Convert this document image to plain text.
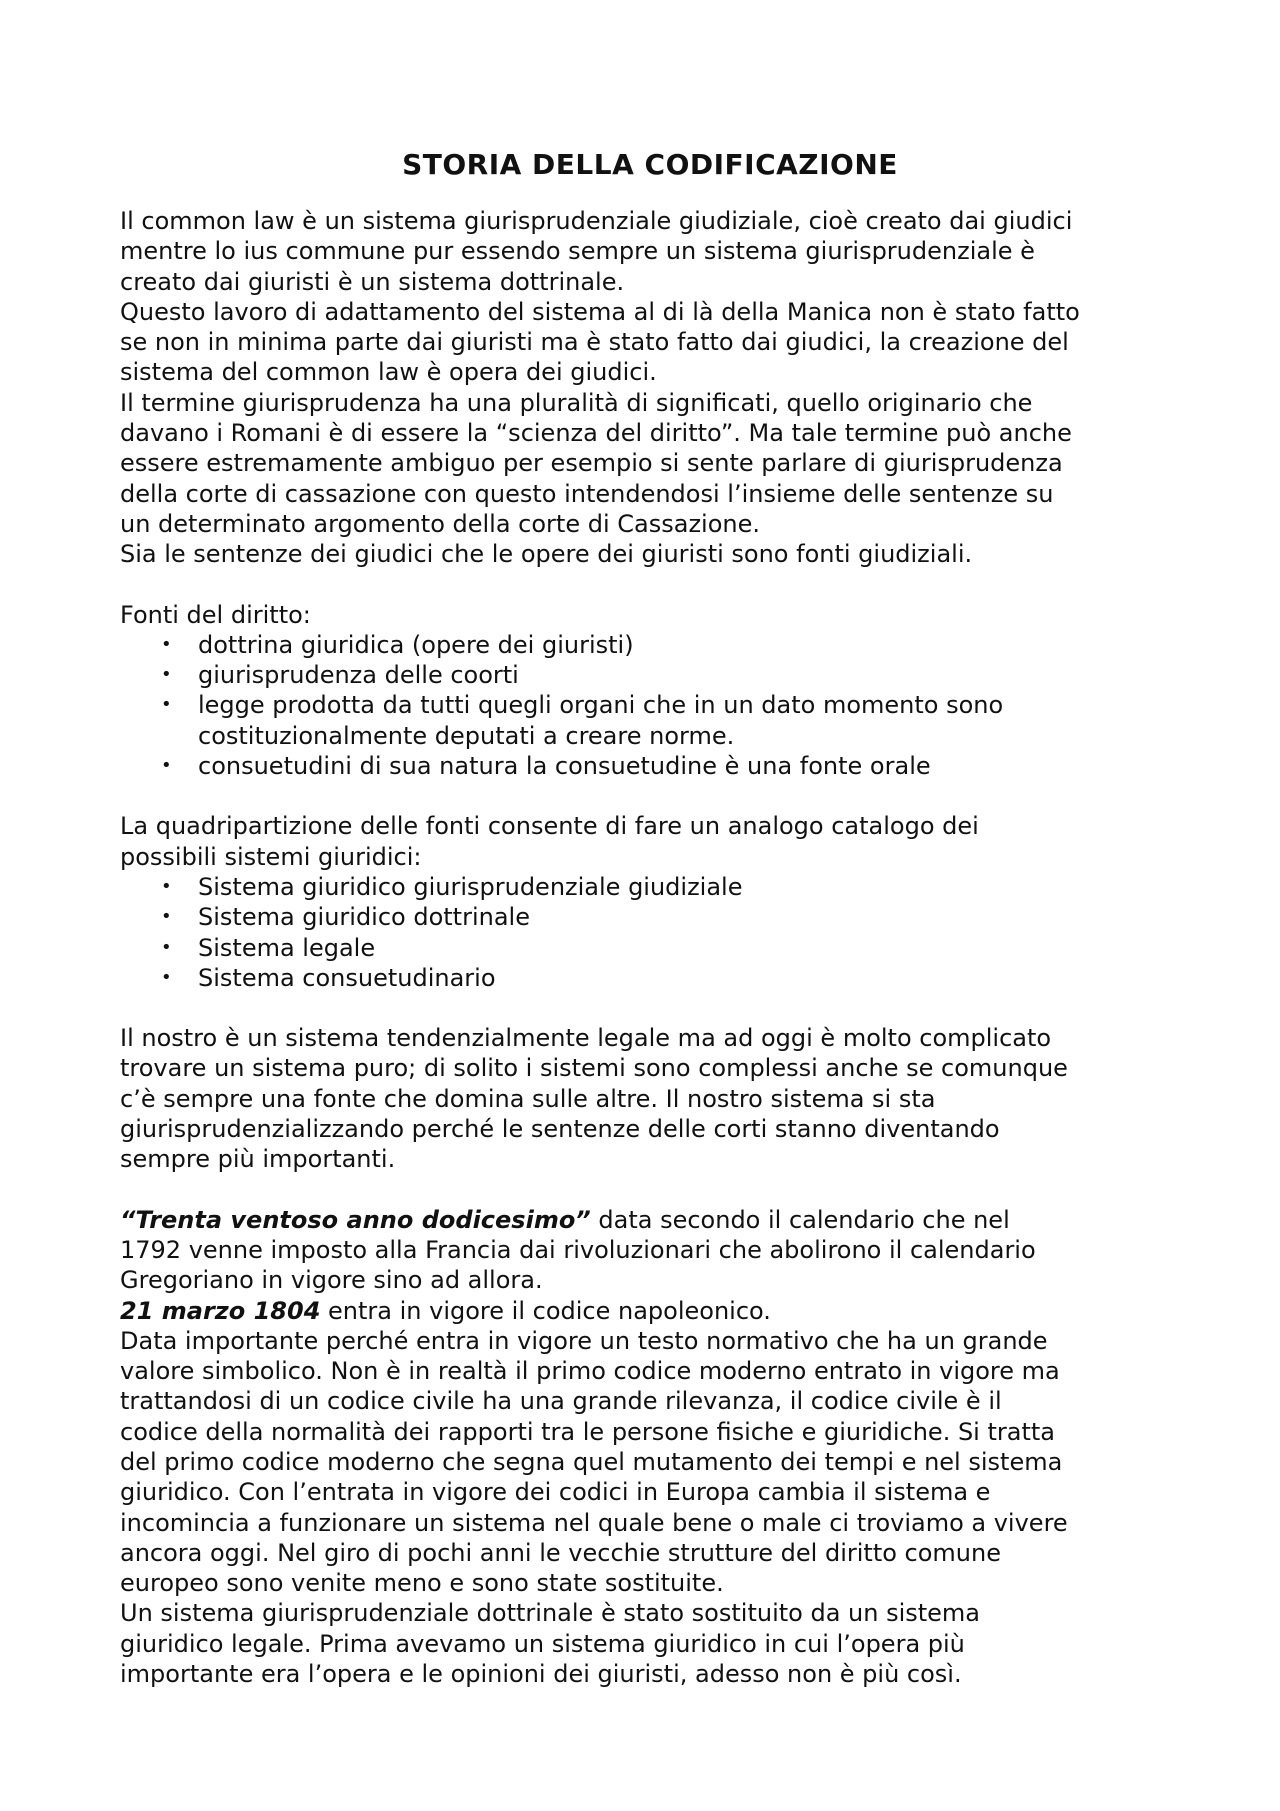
STORIA DELLA CODIFICAZIONE

Il common law è un sistema giurisprudenziale giudiziale, cioè creato dai giudici
mentre lo ius commune pur essendo sempre un sistema giurisprudenziale è
creato dai giuristi è un sistema dottrinale.

Questo lavoro di adattamento del sistema al di là della Manica non è stato fatto
se non in minima parte dai giuristi ma è stato fatto dai giudici, la creazione del
sistema del common law è opera dei giudici.

Il termine giurisprudenza ha una pluralità di significati, quello originario che
davano i Romani è di essere la “scienza del diritto”. Ma tale termine può anche
essere estremamente ambiguo per esempio si sente parlare di giurisprudenza
della corte di cassazione con questo intendendosi l’insieme delle sentenze su
un determinato argomento della corte di Cassazione.

Sia le sentenze dei giudici che le opere dei giuristi sono fonti giudiziali.

Fonti del diritto:

• dottrina giuridica (opere dei giuristi)
• giurisprudenza delle coorti
• legge prodotta da tutti quegli organi che in un dato momento sono
costituzionalmente deputati a creare norme.
• consuetudini di sua natura la consuetudine è una fonte orale

La quadripartizione delle fonti consente di fare un analogo catalogo dei
possibili sistemi giuridici:

• Sistema giuridico giurisprudenziale giudiziale
• Sistema giuridico dottrinale
• Sistema legale
• Sistema consuetudinario

Il nostro è un sistema tendenzialmente legale ma ad oggi è molto complicato
trovare un sistema puro; di solito i sistemi sono complessi anche se comunque
c’è sempre una fonte che domina sulle altre. Il nostro sistema si sta
giurisprudenzializzando perché le sentenze delle corti stanno diventando
sempre più importanti.

“Trenta ventoso anno dodicesimo” data secondo il calendario che nel
1792 venne imposto alla Francia dai rivoluzionari che abolirono il calendario
Gregoriano in vigore sino ad allora.

21 marzo 1804 entra in vigore il codice napoleonico.

Data importante perché entra in vigore un testo normativo che ha un grande
valore simbolico. Non è in realtà il primo codice moderno entrato in vigore ma
trattandosi di un codice civile ha una grande rilevanza, il codice civile è il
codice della normalità dei rapporti tra le persone fisiche e giuridiche. Si tratta
del primo codice moderno che segna quel mutamento dei tempi e nel sistema
giuridico. Con l’entrata in vigore dei codici in Europa cambia il sistema e
incomincia a funzionare un sistema nel quale bene o male ci troviamo a vivere
ancora oggi. Nel giro di pochi anni le vecchie strutture del diritto comune
europeo sono venite meno e sono state sostituite.

Un sistema giurisprudenziale dottrinale è stato sostituito da un sistema
giuridico legale. Prima avevamo un sistema giuridico in cui l’opera più
importante era l’opera e le opinioni dei giuristi, adesso non è più così.
